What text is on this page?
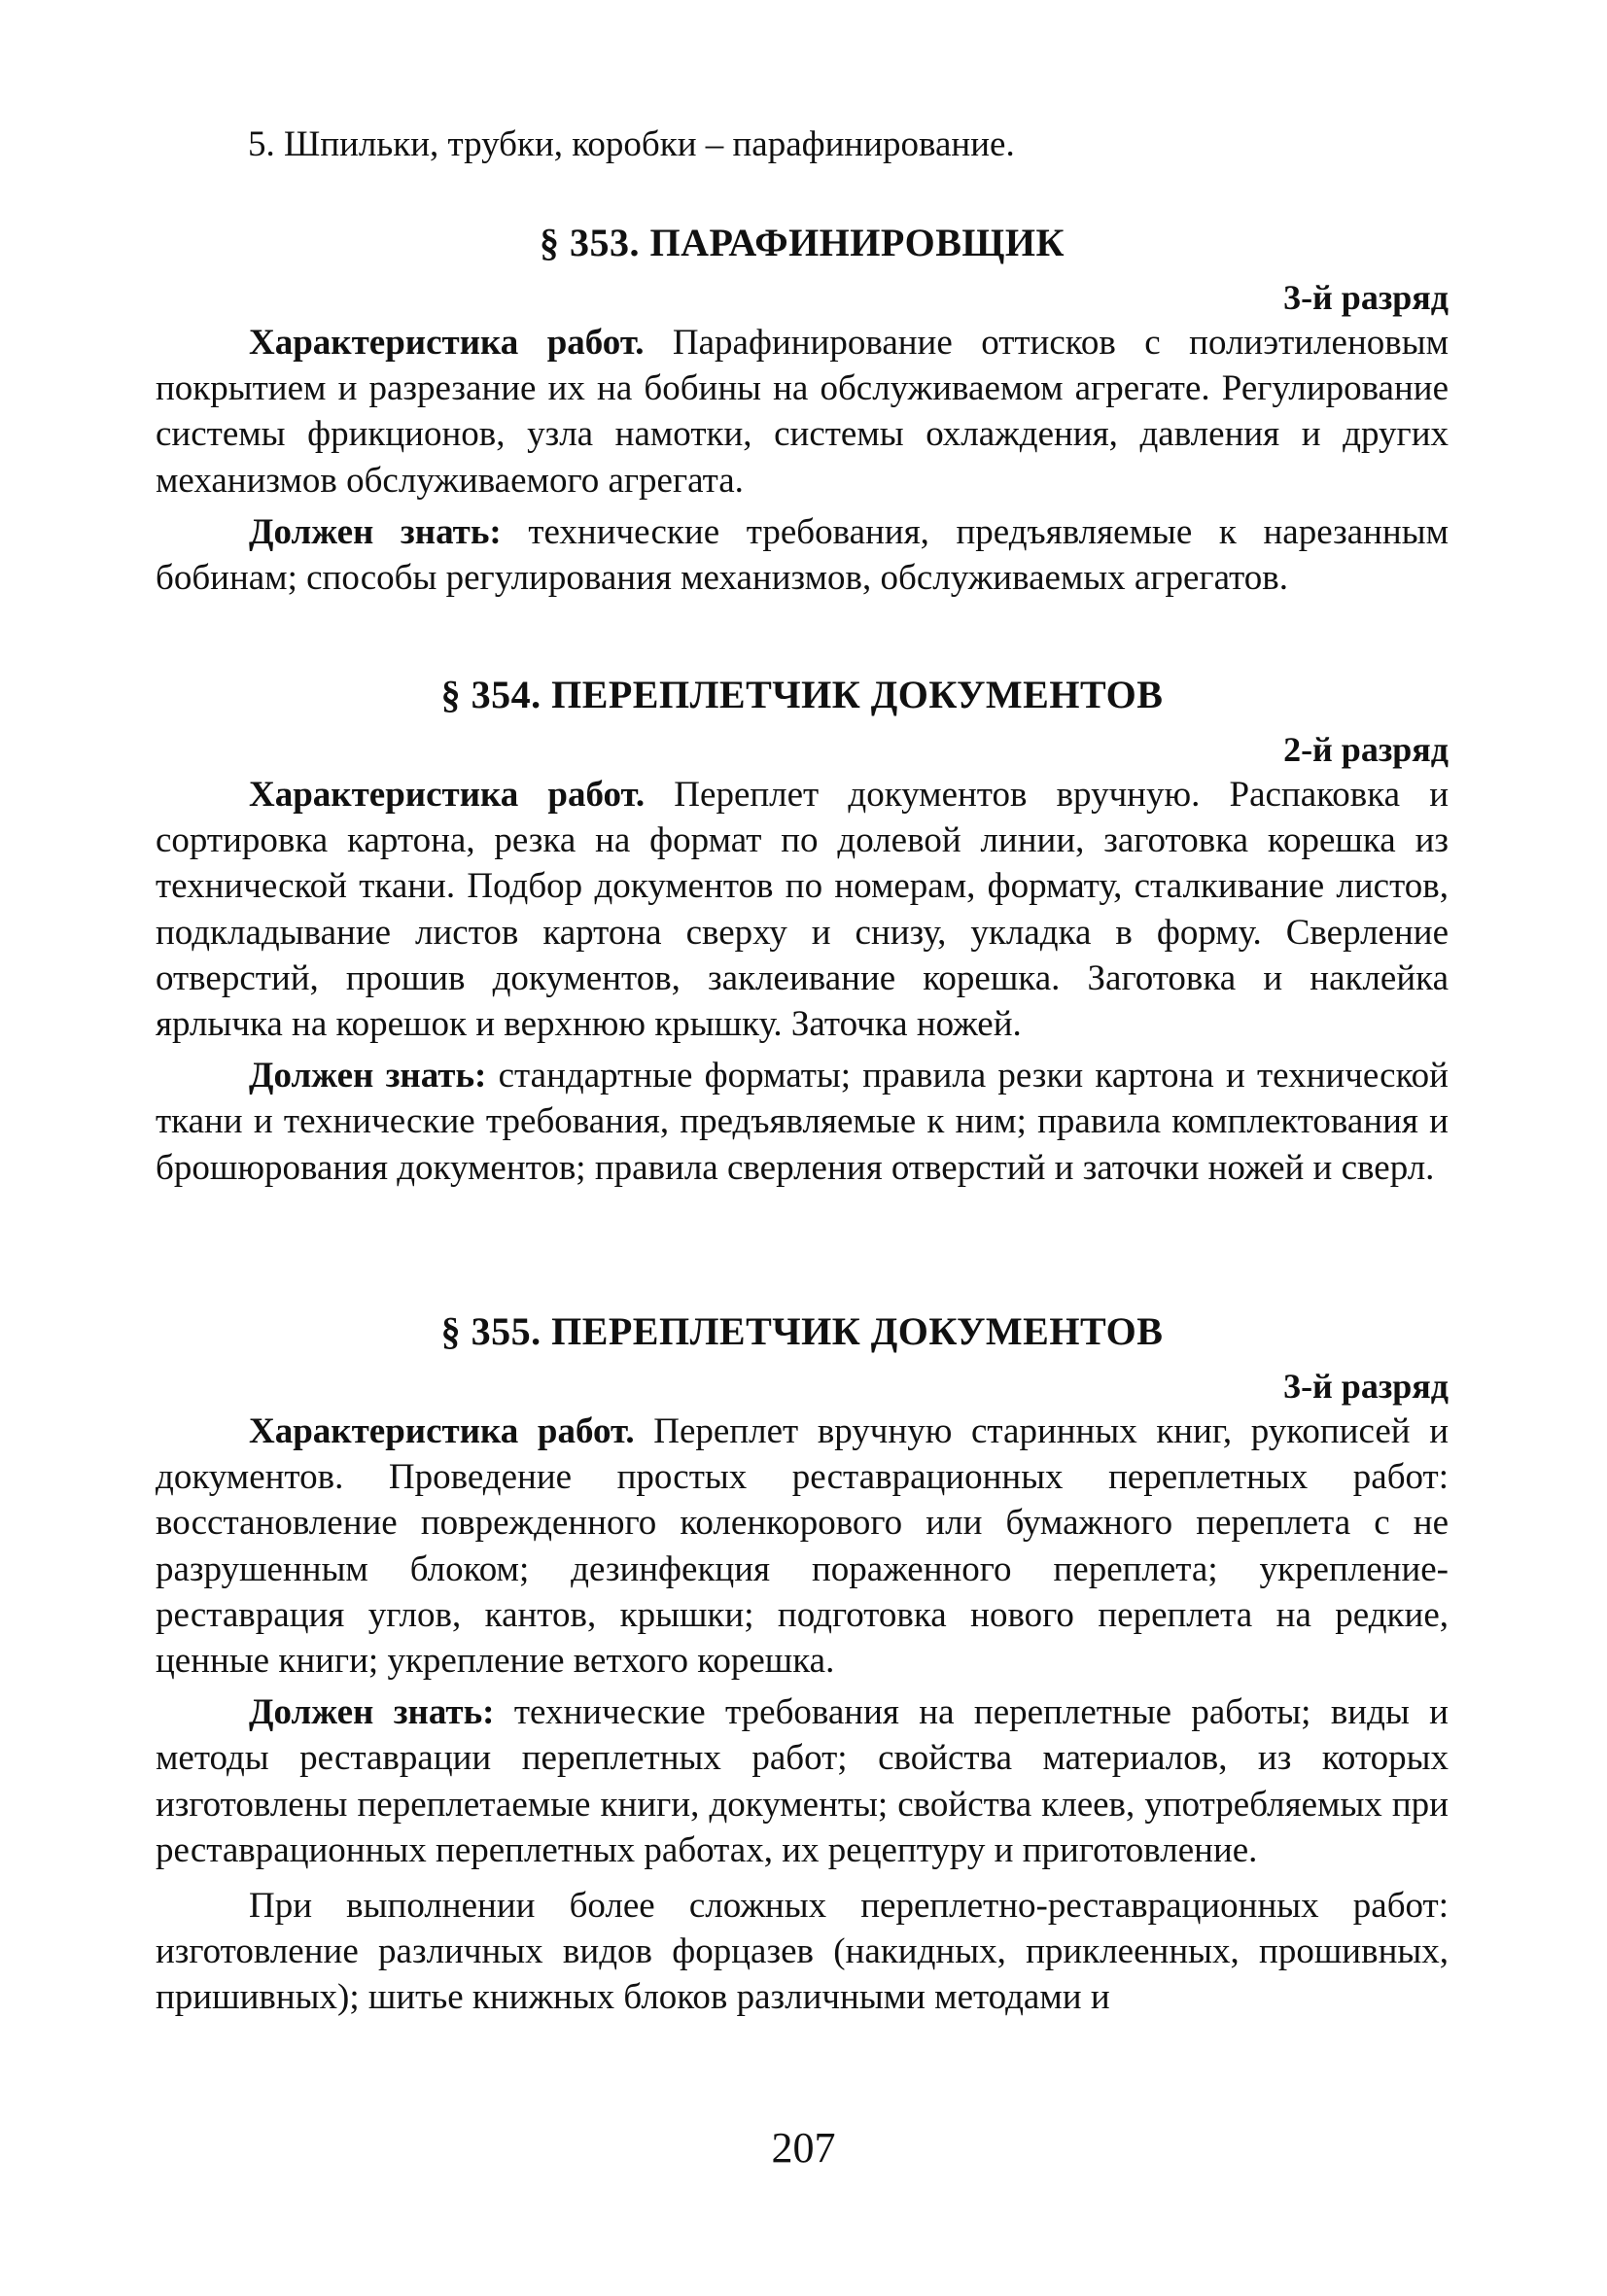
5. Шпильки, трубки, коробки – парафинирование.

§ 353. ПАРАФИНИРОВЩИК

3-й разряд

Характеристика работ. Парафинирование оттисков с полиэтиленовым покрытием и разрезание их на бобины на обслуживаемом агрегате. Регулирование системы фрикционов, узла намотки, системы охлаждения, давления и других механизмов обслуживаемого агрегата.

Должен знать: технические требования, предъявляемые к нарезанным бобинам; способы регулирования механизмов, обслуживаемых агрегатов.

§ 354. ПЕРЕПЛЕТЧИК ДОКУМЕНТОВ

2-й разряд

Характеристика работ. Переплет документов вручную. Распаковка и сортировка картона, резка на формат по долевой линии, заготовка корешка из технической ткани. Подбор документов по номерам, формату, сталкивание листов, подкладывание листов картона сверху и снизу, укладка в форму. Сверление отверстий, прошив документов, заклеивание корешка. Заготовка и наклейка ярлычка на корешок и верхнюю крышку. Заточка ножей.

Должен знать: стандартные форматы; правила резки картона и технической ткани и технические требования, предъявляемые к ним; правила комплектования и брошюрования документов; правила сверления отверстий и заточки ножей и сверл.

§ 355. ПЕРЕПЛЕТЧИК ДОКУМЕНТОВ

3-й разряд

Характеристика работ. Переплет вручную старинных книг, рукописей и документов. Проведение простых реставрационных переплетных работ: восстановление поврежденного коленкорового или бумажного переплета с не разрушенным блоком; дезинфекция пораженного переплета; укрепление-реставрация углов, кантов, крышки; подготовка нового переплета на редкие, ценные книги; укрепление ветхого корешка.

Должен знать: технические требования на переплетные работы; виды и методы реставрации переплетных работ; свойства материалов, из которых изготовлены переплетаемые книги, документы; свойства клеев, употребляемых при реставрационных переплетных работах, их рецептуру и приготовление.

При выполнении более сложных переплетно-реставрационных работ: изготовление различных видов форцазев (накидных, приклеенных, прошивных, пришивных); шитье книжных блоков различными методами и

207
